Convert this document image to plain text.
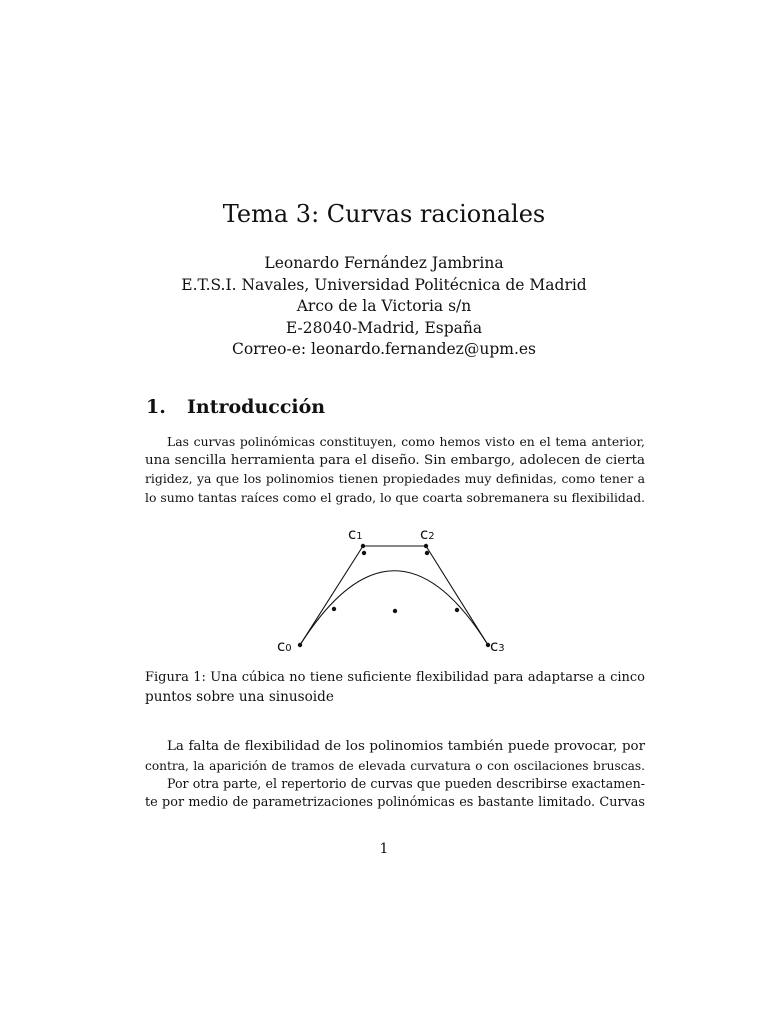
Tema 3: Curvas racionales
Leonardo Fernández Jambrina
E.T.S.I. Navales, Universidad Politécnica de Madrid
Arco de la Victoria s/n
E-28040-Madrid, España
Correo-e: leonardo.fernandez@upm.es
1. Introducción

Las curvas polinómicas constituyen, como hemos visto en el tema anterior,
una sencilla herramienta para el diseño. Sin embargo, adolecen de cierta
rigidez, ya que los polinomios tienen propiedades muy definidas, como tener a
lo sumo tantas raíces como el grado, lo que coarta sobremanera su flexibilidad.

c0
c1	c2
c3
Figura 1: Una cúbica no tiene suficiente flexibilidad para adaptarse a cinco
puntos sobre una sinusoide

La falta de flexibilidad de los polinomios también puede provocar, por
contra, la aparición de tramos de elevada curvatura o con oscilaciones bruscas.
Por otra parte, el repertorio de curvas que pueden describirse exactamen-
te por medio de parametrizaciones polinómicas es bastante limitado. Curvas

1
